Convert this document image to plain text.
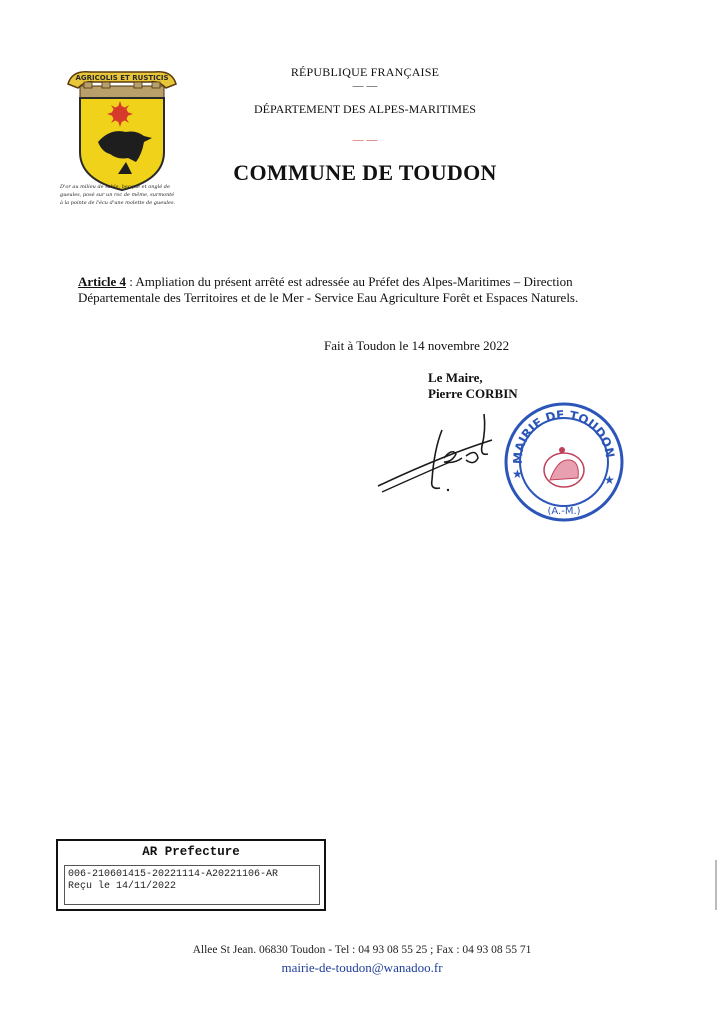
AGRICOLIS ET RUSTICIS
D'or au milieu de sable, becqué et onglé de gueules, posé sur un roc de même, surmonté à la pointe de l'écu d'une molette de gueules.
RÉPUBLIQUE FRANÇAISE
— —
DÉPARTEMENT DES ALPES-MARITIMES
— —
COMMUNE DE TOUDON
Article 4 : Ampliation du présent arrêté est adressée au Préfet des Alpes-Maritimes – Direction Départementale des Territoires et de le Mer - Service Eau Agriculture Forêt et Espaces Naturels.
Fait à Toudon le 14 novembre 2022
Le Maire,
Pierre CORBIN
MAIRIE DE TOUDON
(A.-M.)
★	★
AR Prefecture
006-210601415-20221114-A20221106-AR
Reçu le 14/11/2022
Allee St Jean. 06830 Toudon - Tel : 04 93 08 55 25 ; Fax : 04 93 08 55 71
mairie-de-toudon@wanadoo.fr
